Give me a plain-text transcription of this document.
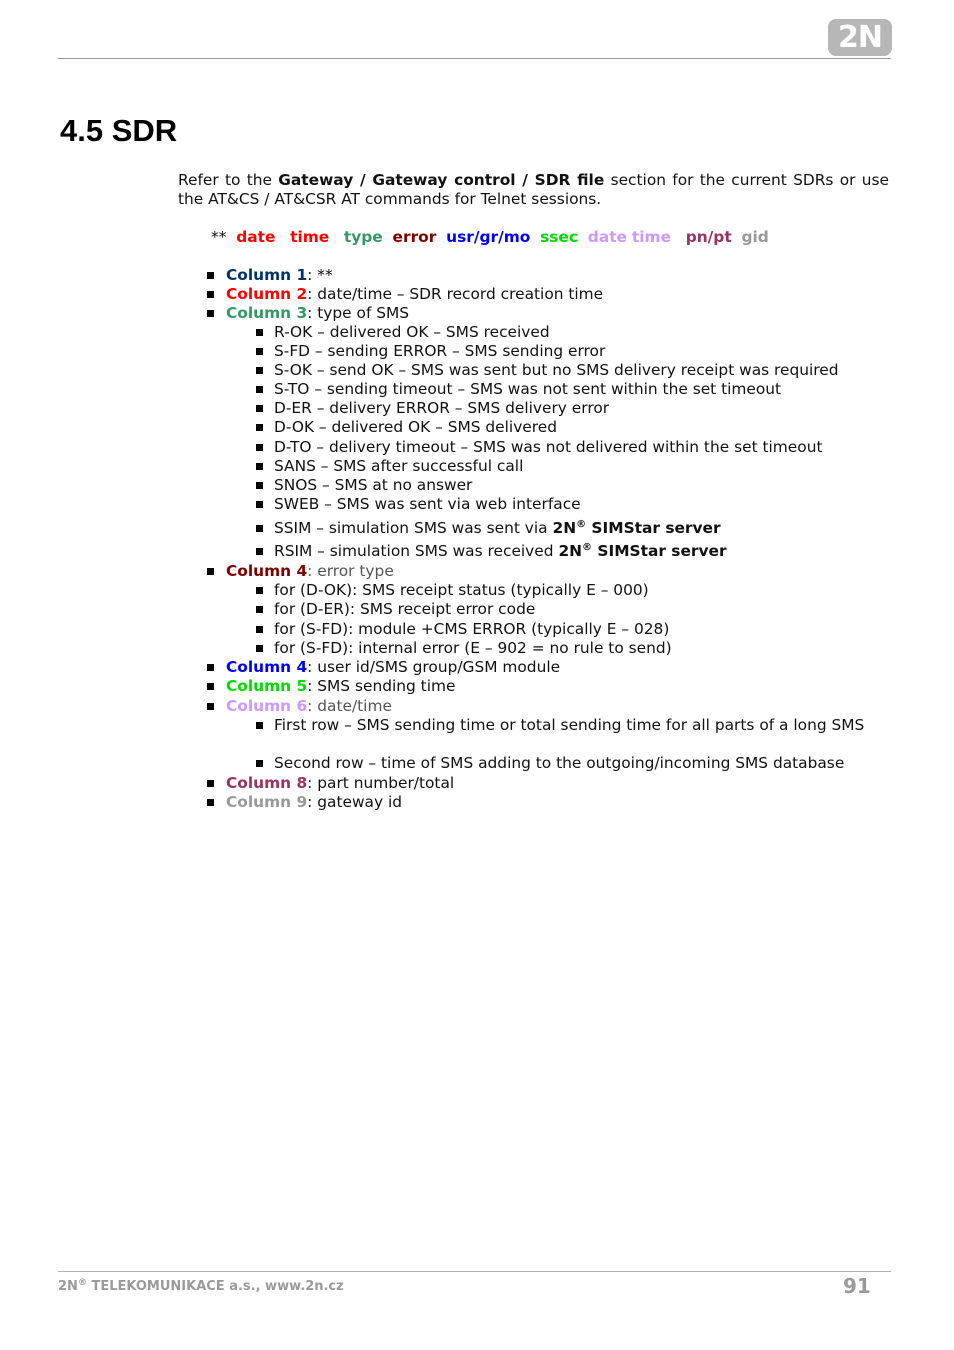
2N
4.5 SDR

Refer to the Gateway / Gateway control / SDR file section for the current SDRs or use the AT&CS / AT&CSR AT commands for Telnet sessions.

**  date time type error usr/gr/mo ssec date time pn/pt gid

Column 1: **
Column 2: date/time – SDR record creation time
Column 3: type of SMS
R-OK – delivered OK – SMS received
S-FD – sending ERROR – SMS sending error
S-OK – send OK – SMS was sent but no SMS delivery receipt was required
S-TO – sending timeout – SMS was not sent within the set timeout
D-ER – delivery ERROR – SMS delivery error
D-OK – delivered OK – SMS delivered
D-TO – delivery timeout – SMS was not delivered within the set timeout
SANS – SMS after successful call
SNOS – SMS at no answer
SWEB – SMS was sent via web interface
SSIM – simulation SMS was sent via 2N® SIMStar server
RSIM – simulation SMS was received 2N® SIMStar server
Column 4: error type
for (D-OK): SMS receipt status (typically E – 000)
for (D-ER): SMS receipt error code
for (S-FD): module +CMS ERROR (typically E – 028)
for (S-FD): internal error (E – 902 = no rule to send)
Column 4: user id/SMS group/GSM module
Column 5: SMS sending time
Column 6: date/time
First row – SMS sending time or total sending time for all parts of a long SMS
Second row – time of SMS adding to the outgoing/incoming SMS database
Column 8: part number/total
Column 9: gateway id
2N® TELEKOMUNIKACE a.s., www.2n.cz	91
